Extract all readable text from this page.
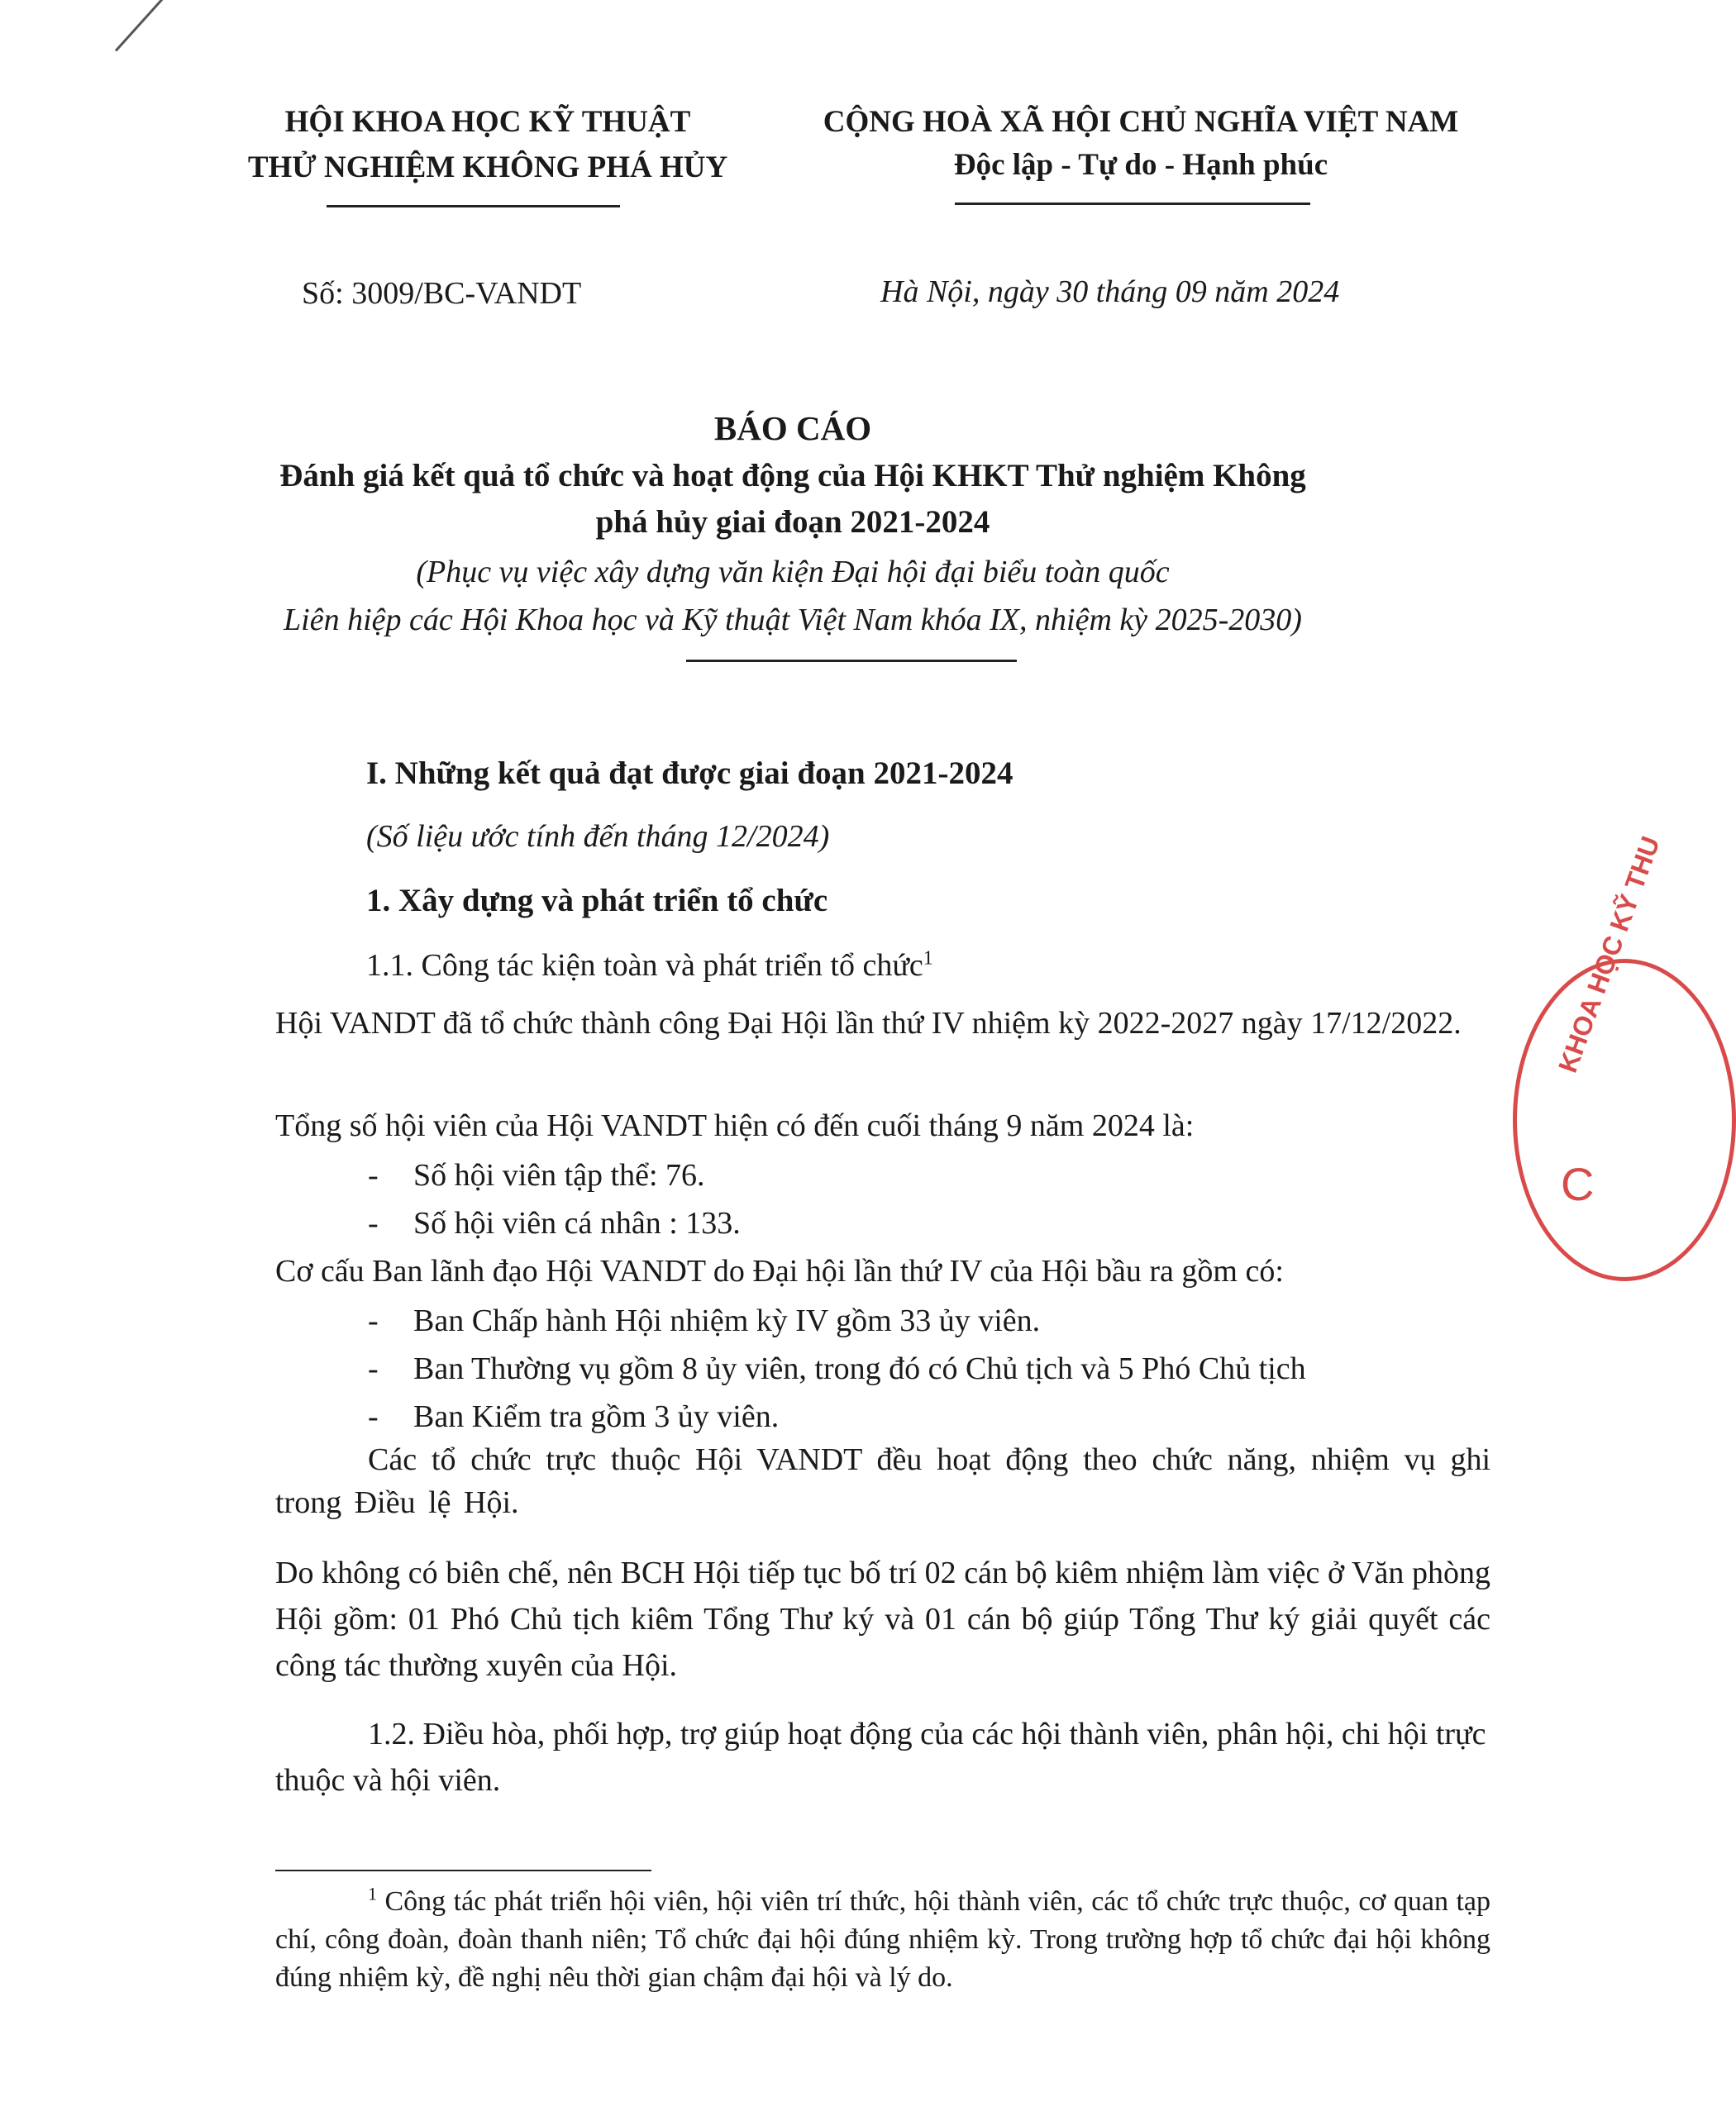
HỘI KHOA HỌC KỸ THUẬT
THỬ NGHIỆM KHÔNG PHÁ HỦY
CỘNG HOÀ XÃ HỘI CHỦ NGHĨA VIỆT NAM
Độc lập - Tự do - Hạnh phúc
Số: 3009/BC-VANDT	Hà Nội, ngày 30 tháng 09 năm 2024
BÁO CÁO
Đánh giá kết quả tổ chức và hoạt động của Hội KHKT Thử nghiệm Không
phá hủy giai đoạn 2021-2024
(Phục vụ việc xây dựng văn kiện Đại hội đại biểu toàn quốc
Liên hiệp các Hội Khoa học và Kỹ thuật Việt Nam khóa IX, nhiệm kỳ 2025-2030)
I. Những kết quả đạt được giai đoạn 2021-2024
(Số liệu ước tính đến tháng 12/2024)
1. Xây dựng và phát triển tổ chức
1.1. Công tác kiện toàn và phát triển tổ chức$^1$
Hội VANDT đã tổ chức thành công Đại Hội lần thứ IV nhiệm kỳ 2022-2027 ngày 17/12/2022.
Tổng số hội viên của Hội VANDT hiện có đến cuối tháng 9 năm 2024 là:
- Số hội viên tập thể: 76.
- Số hội viên cá nhân : 133.
Cơ cấu Ban lãnh đạo Hội VANDT do Đại hội lần thứ IV của Hội bầu ra gồm có:
- Ban Chấp hành Hội nhiệm kỳ IV gồm 33 ủy viên.
- Ban Thường vụ gồm 8 ủy viên, trong đó có Chủ tịch và 5 Phó Chủ tịch
- Ban Kiểm tra gồm 3 ủy viên.
Các tổ chức trực thuộc Hội VANDT đều hoạt động theo chức năng, nhiệm vụ ghi trong Điều lệ Hội.
Do không có biên chế, nên BCH Hội tiếp tục bố trí 02 cán bộ kiêm nhiệm làm việc ở Văn phòng Hội gồm: 01 Phó Chủ tịch kiêm Tổng Thư ký và 01 cán bộ giúp Tổng Thư ký giải quyết các công tác thường xuyên của Hội.
1.2. Điều hòa, phối hợp, trợ giúp hoạt động của các hội thành viên, phân hội, chi hội trực thuộc và hội viên.
$^1$ Công tác phát triển hội viên, hội viên trí thức, hội thành viên, các tổ chức trực thuộc, cơ quan tạp chí, công đoàn, đoàn thanh niên; Tổ chức đại hội đúng nhiệm kỳ. Trong trường hợp tổ chức đại hội không đúng nhiệm kỳ, đề nghị nêu thời gian chậm đại hội và lý do.
KHOA HỌC KỸ THU
C
